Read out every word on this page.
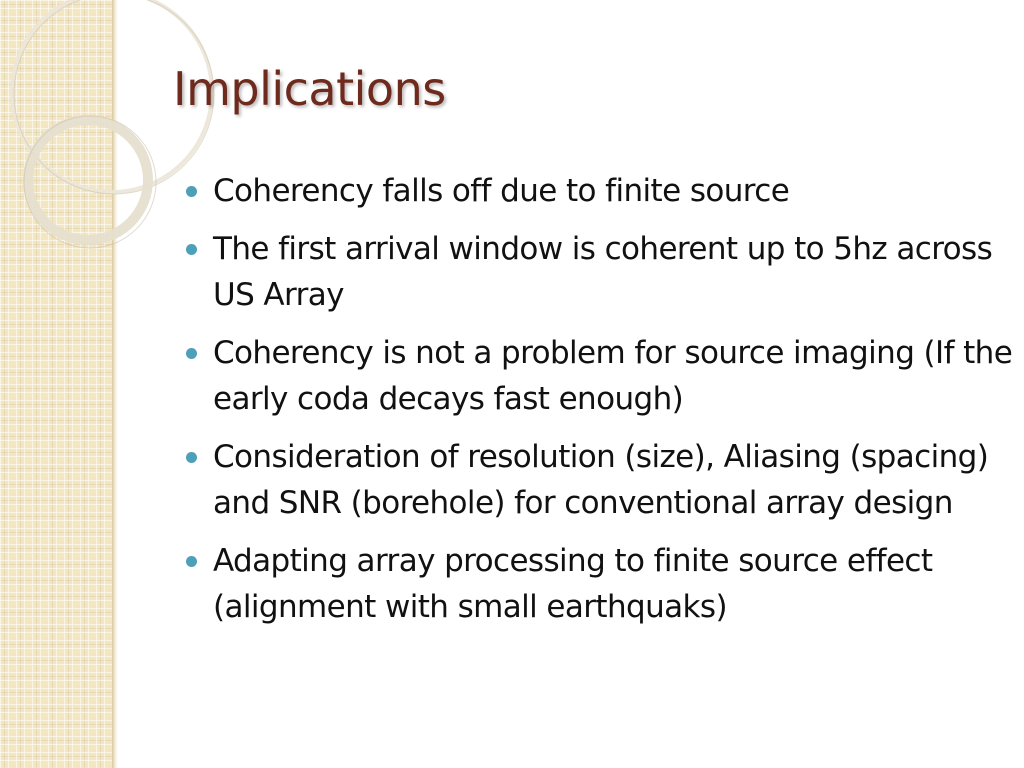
Implications
Coherency falls off due to finite source
The first arrival window is coherent up to 5hz across US Array
Coherency is not a problem for source imaging (If the early coda decays fast enough)
Consideration of resolution (size), Aliasing (spacing) and SNR (borehole) for conventional array design
Adapting array processing to finite source effect (alignment with small earthquaks)
